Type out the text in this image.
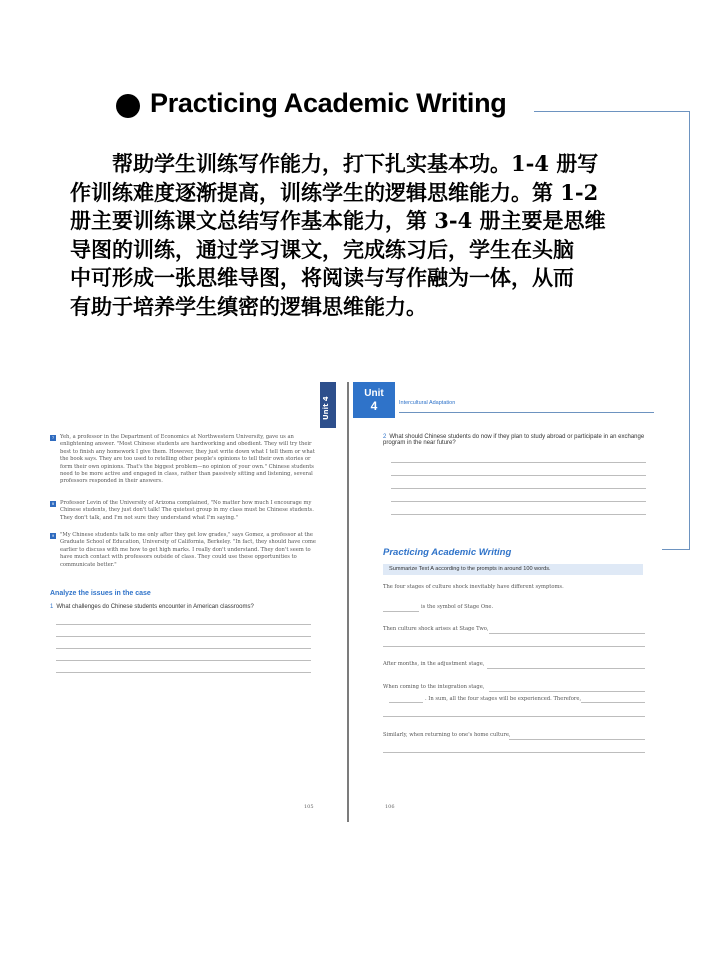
Practicing Academic Writing
帮助学生训练写作能力，打下扎实基本功。1-4 册写
作训练难度逐渐提高，训练学生的逻辑思维能力。第 1-2
册主要训练课文总结写作基本能力，第 3-4 册主要是思维
导图的训练，通过学习课文，完成练习后，学生在头脑
中可形成一张思维导图，将阅读与写作融为一体，从而
有助于培养学生缜密的逻辑思维能力。
Unit 4
7	Yeh, a professor in the Department of Economics at Northwestern University, gave us an enlightening answer. "Most Chinese students are hardworking and obedient. They will try their best to finish any homework I give them. However, they just write down what I tell them or what the book says. They are too used to retelling other people's opinions to tell their own stories or form their own opinions. That's the biggest problem—no opinion of your own." Chinese students need to be more active and engaged in class, rather than passively sitting and listening, several professors responded in their answers.
8	Professor Levin of the University of Arizona complained, "No matter how much I encourage my Chinese students, they just don't talk! The quietest group in my class must be Chinese students. They don't talk, and I'm not sure they understand what I'm saying."
9	"My Chinese students talk to me only after they get low grades," says Gomez, a professor at the Graduate School of Education, University of California, Berkeley. "In fact, they should have come earlier to discuss with me how to get high marks. I really don't understand. They don't seem to have much contact with professors outside of class. They could use these opportunities to communicate better."
Analyze the issues in the case
1 What challenges do Chinese students encounter in American classrooms?
105
Unit
4	Intercultural Adaptation
2 What should Chinese students do now if they plan to study abroad or participate in an exchange program in the near future?
Practicing Academic Writing
Summarize Text A according to the prompts in around 100 words.
The four stages of culture shock inevitably have different symptoms.
is the symbol of Stage One.
Then culture shock arises at Stage Two,
After months, in the adjustment stage,
When coming to the integration stage,
. In sum, all the four stages will be experienced. Therefore,
Similarly, when returning to one's home culture,
106
